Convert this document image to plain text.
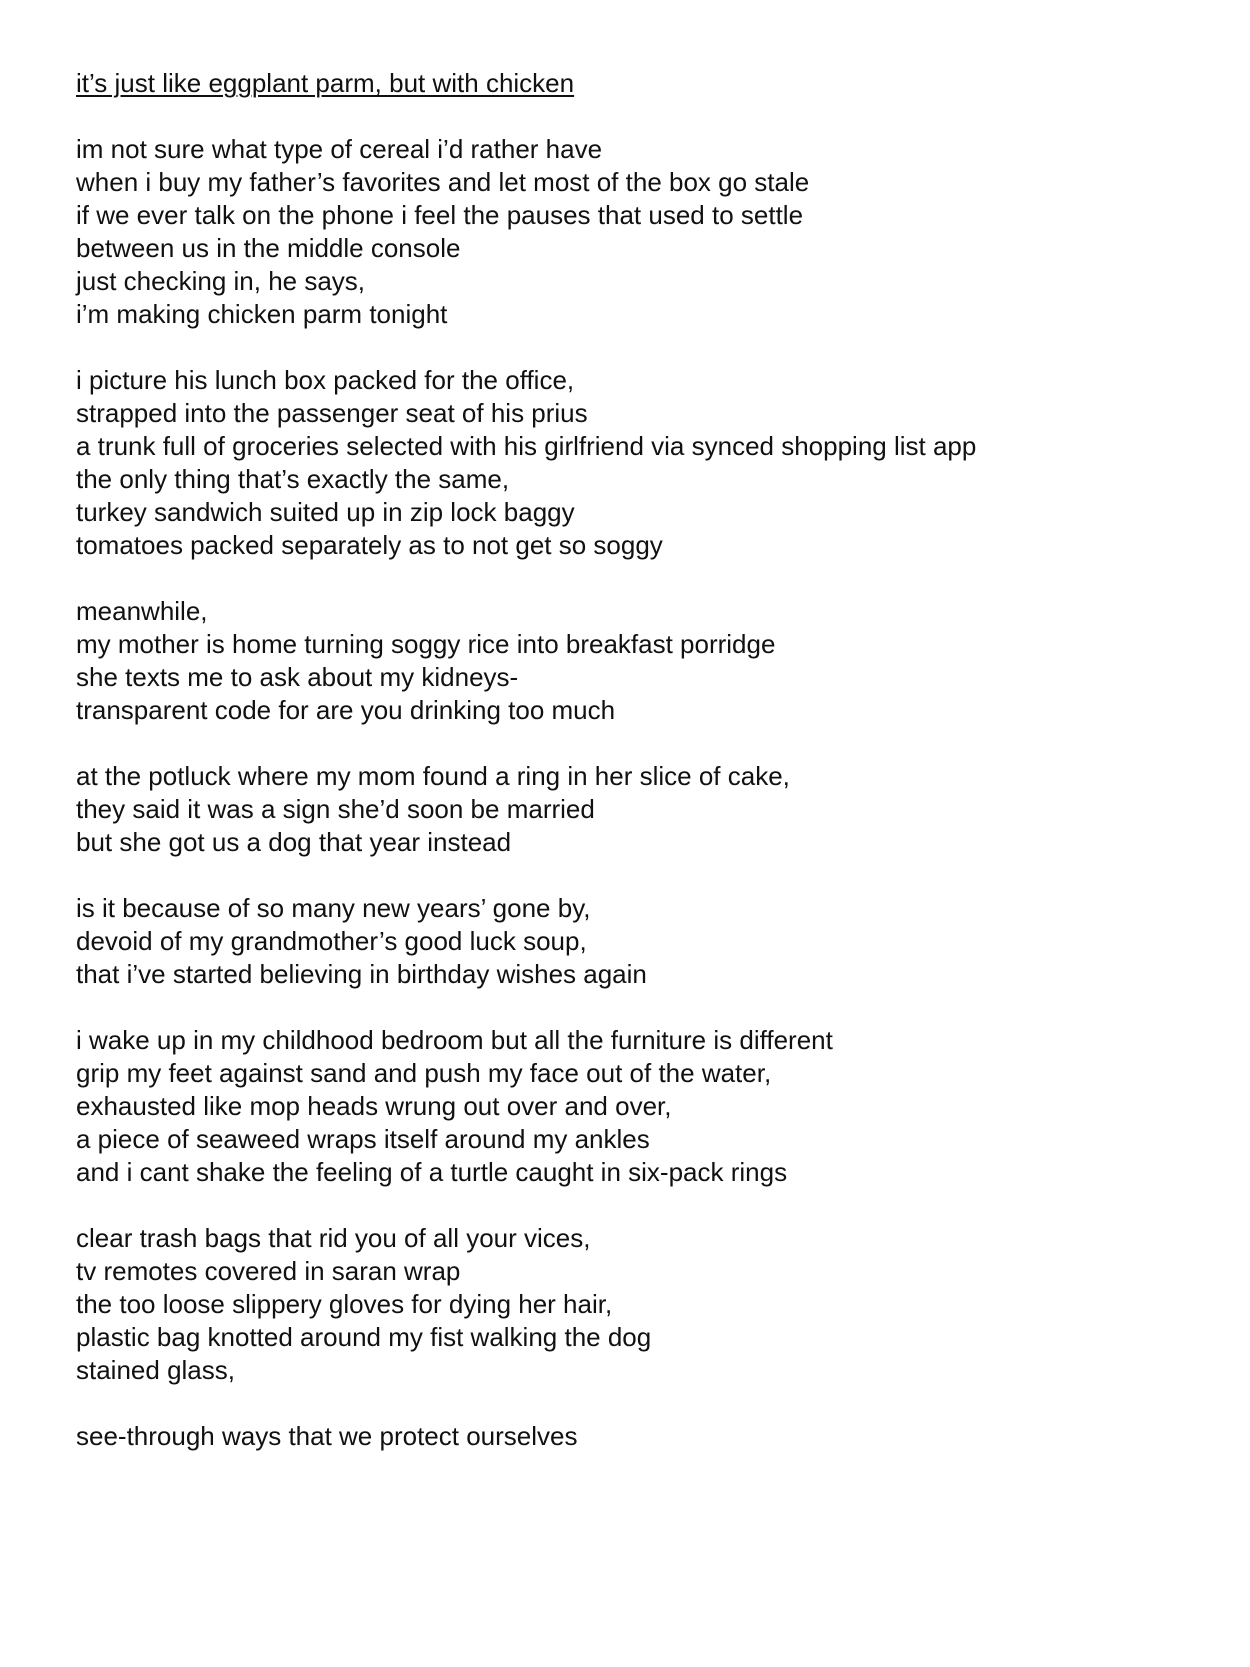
it’s just like eggplant parm, but with chicken
im not sure what type of cereal i’d rather have
when i buy my father’s favorites and let most of the box go stale
if we ever talk on the phone i feel the pauses that used to settle
between us in the middle console
just checking in, he says,
i’m making chicken parm tonight
i picture his lunch box packed for the office,
strapped into the passenger seat of his prius
a trunk full of groceries selected with his girlfriend via synced shopping list app
the only thing that’s exactly the same,
turkey sandwich suited up in zip lock baggy
tomatoes packed separately as to not get so soggy
meanwhile,
my mother is home turning soggy rice into breakfast porridge
she texts me to ask about my kidneys-
transparent code for are you drinking too much
at the potluck where my mom found a ring in her slice of cake,
they said it was a sign she’d soon be married
but she got us a dog that year instead
is it because of so many new years’ gone by,
devoid of my grandmother’s good luck soup,
that i’ve started believing in birthday wishes again
i wake up in my childhood bedroom but all the furniture is different
grip my feet against sand and push my face out of the water,
exhausted like mop heads wrung out over and over,
a piece of seaweed wraps itself around my ankles
and i cant shake the feeling of a turtle caught in six-pack rings
clear trash bags that rid you of all your vices,
tv remotes covered in saran wrap
the too loose slippery gloves for dying her hair,
plastic bag knotted around my fist walking the dog
stained glass,
see-through ways that we protect ourselves
